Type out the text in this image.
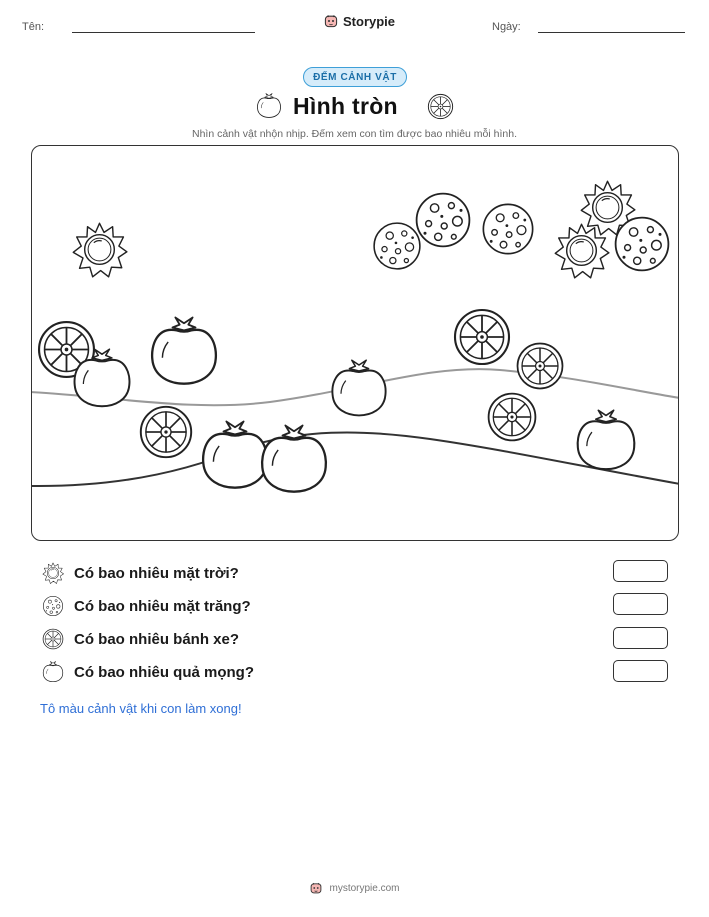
Tên:	Storypie	Ngày:
ĐẾM CẢNH VẬT
Hình tròn
Nhìn cảnh vật nhộn nhịp. Đếm xem con tìm được bao nhiêu mỗi hình.
Có bao nhiêu mặt trời?
Có bao nhiêu mặt trăng?
Có bao nhiêu bánh xe?
Có bao nhiêu quả mọng?
Tô màu cảnh vật khi con làm xong!
mystorypie.com
